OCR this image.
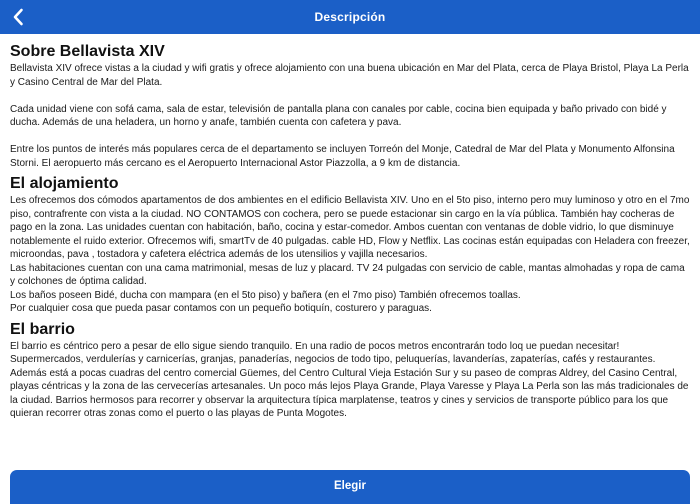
Descripción
Sobre Bellavista XIV

Bellavista XIV ofrece vistas a la ciudad y wifi gratis y ofrece alojamiento con una buena ubicación en Mar del Plata, cerca de Playa Bristol, Playa La Perla y Casino Central de Mar del Plata.

Cada unidad viene con sofá cama, sala de estar, televisión de pantalla plana con canales por cable, cocina bien equipada y baño privado con bidé y ducha. Además de una heladera, un horno y anafe, también cuenta con cafetera y pava.

Entre los puntos de interés más populares cerca de el departamento se incluyen Torreón del Monje, Catedral de Mar del Plata y Monumento Alfonsina Storni. El aeropuerto más cercano es el Aeropuerto Internacional Astor Piazzolla, a 9 km de distancia.

El alojamiento

Les ofrecemos dos cómodos apartamentos de dos ambientes en el edificio Bellavista XIV. Uno en el 5to piso, interno pero muy luminoso y otro en el 7mo piso, contrafrente con vista a la ciudad. NO CONTAMOS con cochera, pero se puede estacionar sin cargo en la vía pública. También hay cocheras de pago en la zona. Las unidades cuentan con habitación, baño, cocina y estar-comedor. Ambos cuentan con ventanas de doble vidrio, lo que disminuye notablemente el ruido exterior. Ofrecemos wifi, smartTv de 40 pulgadas. cable HD, Flow y Netflix. Las cocinas están equipadas con Heladera con freezer, microondas, pava , tostadora y cafetera eléctrica además de los utensilios y vajilla necesarios.

Las habitaciones cuentan con una cama matrimonial, mesas de luz y placard. TV 24 pulgadas con servicio de cable, mantas almohadas y ropa de cama y colchones de óptima calidad.

Los baños poseen Bidé, ducha con mampara (en el 5to piso) y bañera (en el 7mo piso) También ofrecemos toallas.

Por cualquier cosa que pueda pasar contamos con un pequeño botiquín, costurero y paraguas.

El barrio

El barrio es céntrico pero a pesar de ello sigue siendo tranquilo. En una radio de pocos metros encontrarán todo loq ue puedan necesitar! Supermercados, verdulerías y carnicerías, granjas, panaderías, negocios de todo tipo, peluquerías, lavanderías, zapaterías, cafés y restaurantes. Además está a pocas cuadras del centro comercial Güemes, del Centro Cultural Vieja Estación Sur y su paseo de compras Aldrey, del Casino Central, playas céntricas y la zona de las cervecerías artesanales. Un poco más lejos Playa Grande, Playa Varesse y Playa La Perla son las más tradicionales de la ciudad. Barrios hermosos para recorrer y observar la arquitectura típica marplatense, teatros y cines y servicios de transporte público para los que quieran recorrer otras zonas como el puerto o las playas de Punta Mogotes.

Elegir
